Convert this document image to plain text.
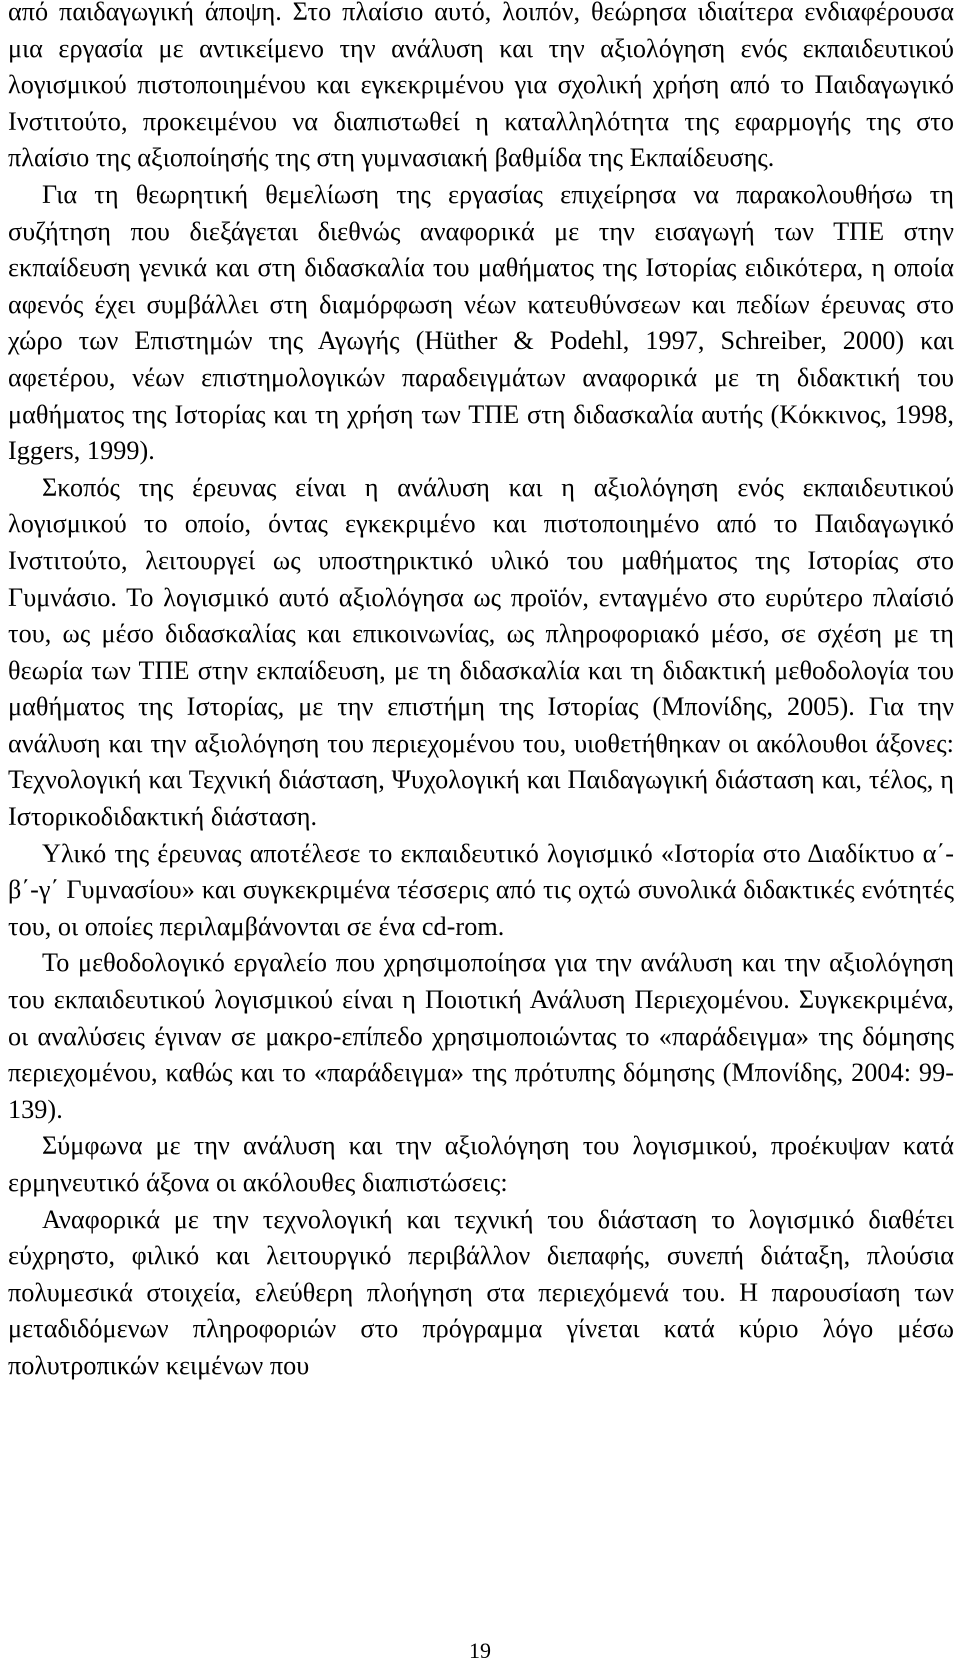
από παιδαγωγική άποψη. Στο πλαίσιο αυτό, λοιπόν, θεώρησα ιδιαίτερα ενδιαφέρουσα μια εργασία με αντικείμενο την ανάλυση και την αξιολόγηση ενός εκπαιδευτικού λογισμικού πιστοποιημένου και εγκεκριμένου για σχολική χρήση από το Παιδαγωγικό Ινστιτούτο, προκειμένου να διαπιστωθεί η καταλληλότητα της εφαρμογής της στο πλαίσιο της αξιοποίησής της στη γυμνασιακή βαθμίδα της Εκπαίδευσης.

Για τη θεωρητική θεμελίωση της εργασίας επιχείρησα να παρακολουθήσω τη συζήτηση που διεξάγεται διεθνώς αναφορικά με την εισαγωγή των ΤΠΕ στην εκπαίδευση γενικά και στη διδασκαλία του μαθήματος της Ιστορίας ειδικότερα, η οποία αφενός έχει συμβάλλει στη διαμόρφωση νέων κατευθύνσεων και πεδίων έρευνας στο χώρο των Επιστημών της Αγωγής (Hüther & Podehl, 1997, Schreiber, 2000) και αφετέρου, νέων επιστημολογικών παραδειγμάτων αναφορικά με τη διδακτική του μαθήματος της Ιστορίας και τη χρήση των ΤΠΕ στη διδασκαλία αυτής (Κόκκινος, 1998, Iggers, 1999).

Σκοπός της έρευνας είναι η ανάλυση και η αξιολόγηση ενός εκπαιδευτικού λογισμικού το οποίο, όντας εγκεκριμένο και πιστοποιημένο από το Παιδαγωγικό Ινστιτούτο, λειτουργεί ως υποστηρικτικό υλικό του μαθήματος της Ιστορίας στο Γυμνάσιο. Το λογισμικό αυτό αξιολόγησα ως προϊόν, ενταγμένο στο ευρύτερο πλαίσιό του, ως μέσο διδασκαλίας και επικοινωνίας, ως πληροφοριακό μέσο, σε σχέση με τη θεωρία των ΤΠΕ στην εκπαίδευση, με τη διδασκαλία και τη διδακτική μεθοδολογία του μαθήματος της Ιστορίας, με την επιστήμη της Ιστορίας (Μπονίδης, 2005). Για την ανάλυση και την αξιολόγηση του περιεχομένου του, υιοθετήθηκαν οι ακόλουθοι άξονες: Τεχνολογική και Τεχνική διάσταση, Ψυχολογική και Παιδαγωγική διάσταση και, τέλος, η Ιστορικοδιδακτική διάσταση.

Υλικό της έρευνας αποτέλεσε το εκπαιδευτικό λογισμικό «Ιστορία στο Διαδίκτυο α΄-β΄-γ΄ Γυμνασίου» και συγκεκριμένα τέσσερις από τις οχτώ συνολικά διδακτικές ενότητές του, οι οποίες περιλαμβάνονται σε ένα cd-rom.

Το μεθοδολογικό εργαλείο που χρησιμοποίησα για την ανάλυση και την αξιολόγηση του εκπαιδευτικού λογισμικού είναι η Ποιοτική Ανάλυση Περιεχομένου. Συγκεκριμένα, οι αναλύσεις έγιναν σε μακρο-επίπεδο χρησιμοποιώντας το «παράδειγμα» της δόμησης περιεχομένου, καθώς και το «παράδειγμα» της πρότυπης δόμησης (Μπονίδης, 2004: 99-139).

Σύμφωνα με την ανάλυση και την αξιολόγηση του λογισμικού, προέκυψαν κατά ερμηνευτικό άξονα οι ακόλουθες διαπιστώσεις:

Αναφορικά με την τεχνολογική και τεχνική του διάσταση το λογισμικό διαθέτει εύχρηστο, φιλικό και λειτουργικό περιβάλλον διεπαφής, συνεπή διάταξη, πλούσια πολυμεσικά στοιχεία, ελεύθερη πλοήγηση στα περιεχόμενά του. Η παρουσίαση των μεταδιδόμενων πληροφοριών στο πρόγραμμα γίνεται κατά κύριο λόγο μέσω πολυτροπικών κειμένων που

19
